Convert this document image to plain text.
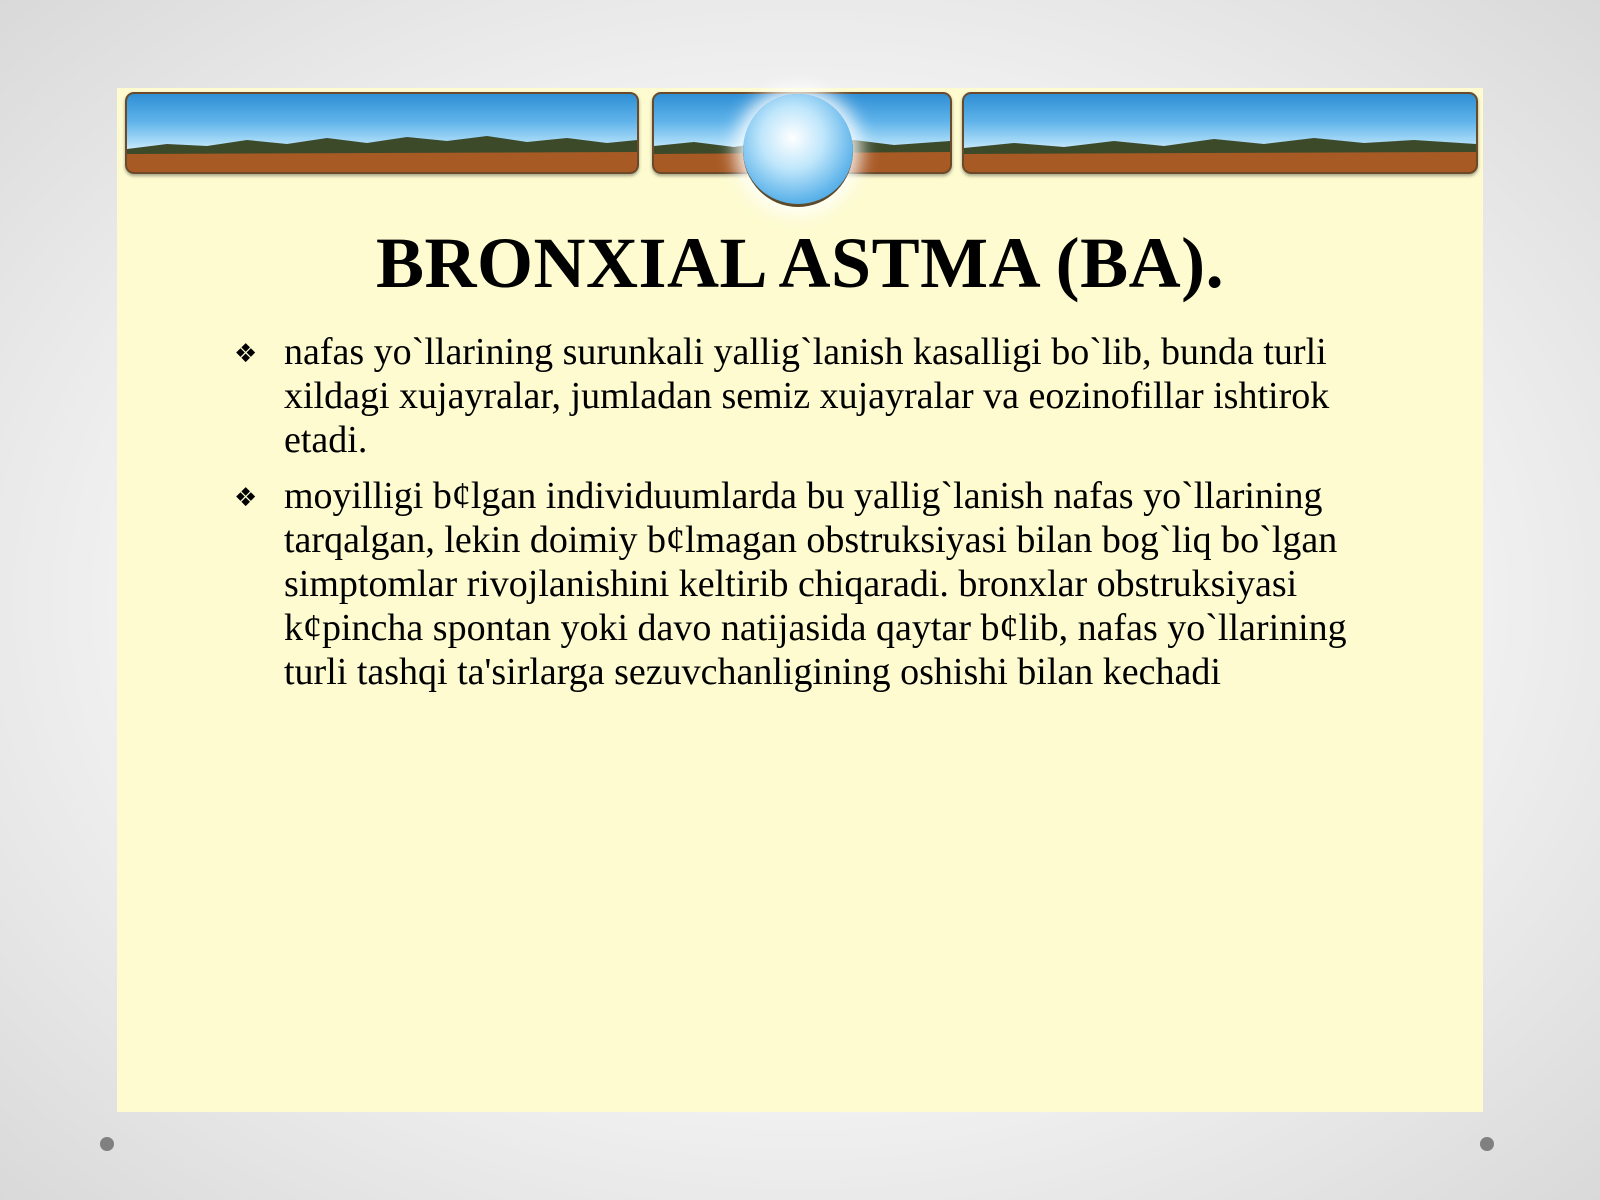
BRONXIAL ASTMA (BA).
❖ nafas yo`llarining surunkali yallig`lanish kasalligi bo`lib, bunda turli xildagi xujayralar, jumladan semiz xujayralar va eozinofillar ishtirok etadi.
❖ moyilligi b¢lgan individuumlarda bu yallig`lanish nafas yo`llarining tarqalgan, lekin doimiy b¢lmagan obstruksiyasi bilan bog`liq bo`lgan simptomlar rivojlanishini keltirib chiqaradi. bronxlar obstruksiyasi k¢pincha spontan yoki davo natijasida qaytar b¢lib, nafas yo`llarining turli tashqi ta'sirlarga sezuvchanligining oshishi bilan kechadi
